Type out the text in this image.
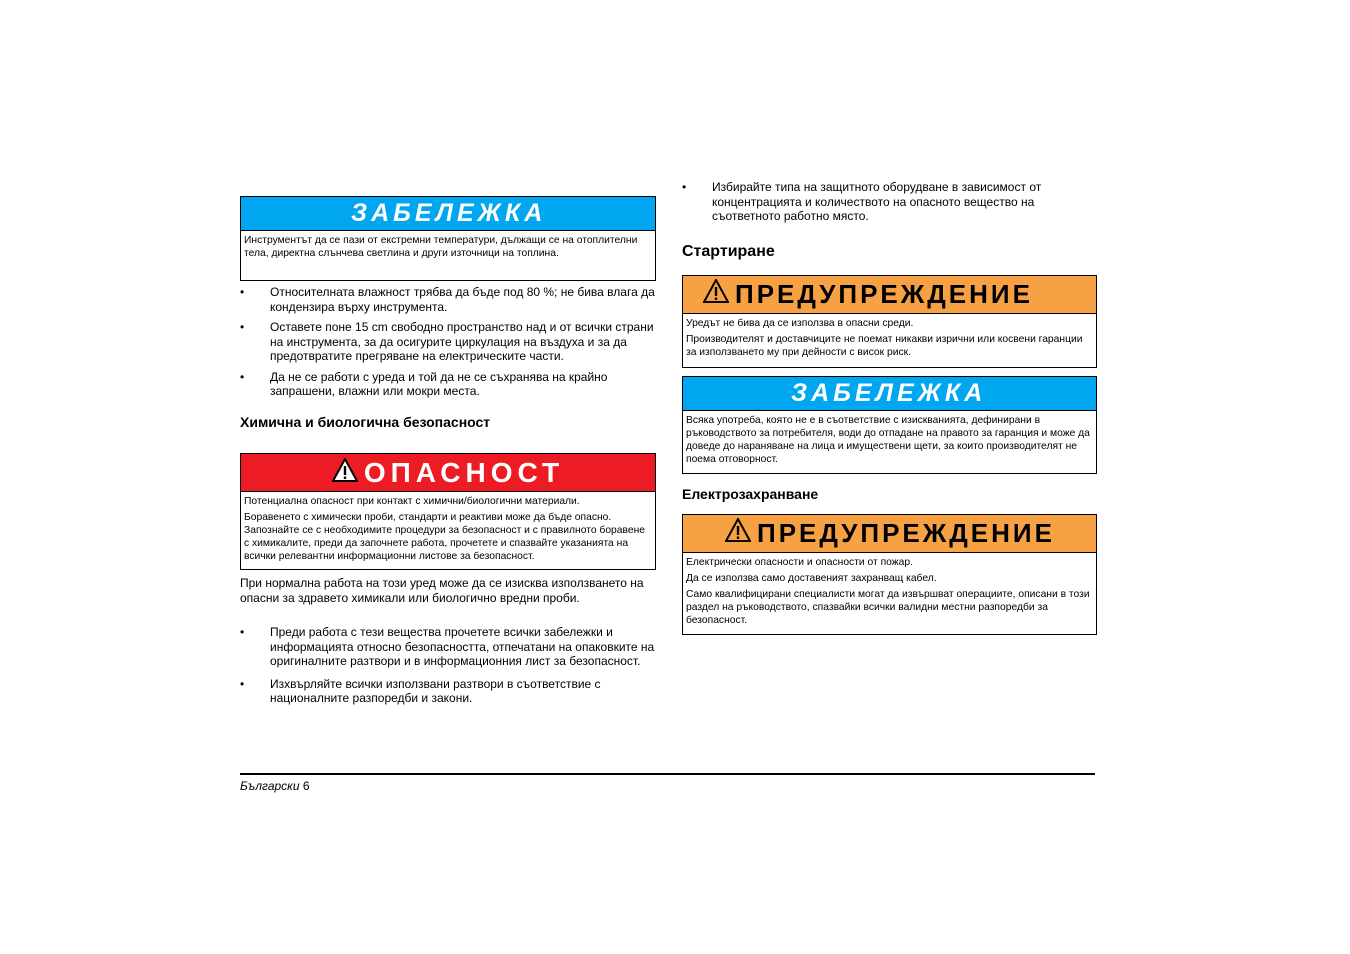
ЗАБЕЛЕЖКА

Инструментът да се пази от екстремни температури, дължащи се на отоплителни тела, директна слънчева светлина и други източници на топлина.

• Относителната влажност трябва да бъде под 80 %; не бива влага да кондензира върху инструмента.
• Оставете поне 15 cm свободно пространство над и от всички страни на инструмента, за да осигурите циркулация на въздуха и за да предотвратите прегряване на електрическите части.
• Да не се работи с уреда и той да не се съхранява на крайно запрашени, влажни или мокри места.
Химична и биологична безопасност
ОПАСНОСТ

Потенциална опасност при контакт с химични/биологични материали.

Боравенето с химически проби, стандарти и реактиви може да бъде опасно. Запознайте се с необходимите процедури за безопасност и с правилното боравене с химикалите, преди да започнете работа, прочетете и спазвайте указанията на всички релевантни информационни листове за безопасност.

При нормална работа на този уред може да се изисква използването на опасни за здравето химикали или биологично вредни проби.

• Преди работа с тези вещества прочетете всички забележки и информацията относно безопасността, отпечатани на опаковките на оригиналните разтвори и в информационния лист за безопасност.
• Изхвърляйте всички използвани разтвори в съответствие с националните разпоредби и закони.
• Избирайте типа на защитното оборудване в зависимост от концентрацията и количеството на опасното вещество на съответното работно място.
Стартиране
ПРЕДУПРЕЖДЕНИЕ

Уредът не бива да се използва в опасни среди.

Производителят и доставчиците не поемат никакви изрични или косвени гаранции за използването му при дейности с висок риск.

ЗАБЕЛЕЖКА

Всяка употреба, която не е в съответствие с изискванията, дефинирани в ръководството за потребителя, води до отпадане на правото за гаранция и може да доведе до нараняване на лица и имуществени щети, за които производителят не поема отговорност.

Електрозахранване
ПРЕДУПРЕЖДЕНИЕ

Електрически опасности и опасности от пожар.

Да се използва само доставеният захранващ кабел.

Само квалифицирани специалисти могат да извършват операциите, описани в този раздел на ръководството, спазвайки всички валидни местни разпоредби за безопасност.

Български 6
